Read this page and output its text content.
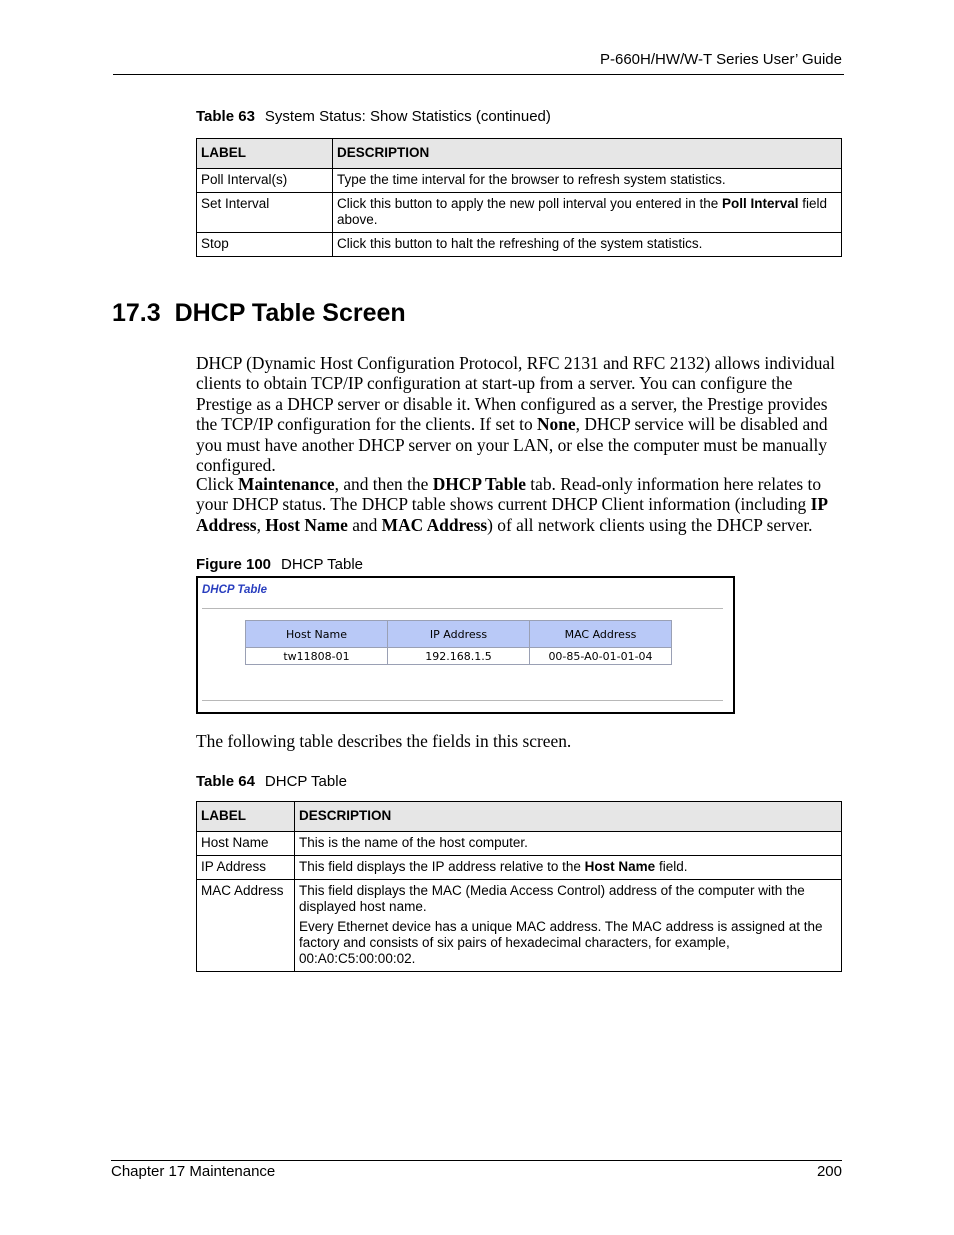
P-660H/HW/W-T Series User’ Guide
Table 63 System Status: Show Statistics (continued)
LABEL	DESCRIPTION
Poll Interval(s)	Type the time interval for the browser to refresh system statistics.
Set Interval	Click this button to apply the new poll interval you entered in the Poll Interval field above.
Stop	Click this button to halt the refreshing of the system statistics.
17.3 DHCP Table Screen
DHCP (Dynamic Host Configuration Protocol, RFC 2131 and RFC 2132) allows individual clients to obtain TCP/IP configuration at start-up from a server. You can configure the Prestige as a DHCP server or disable it. When configured as a server, the Prestige provides the TCP/IP configuration for the clients. If set to None, DHCP service will be disabled and you must have another DHCP server on your LAN, or else the computer must be manually configured.
Click Maintenance, and then the DHCP Table tab. Read-only information here relates to your DHCP status. The DHCP table shows current DHCP Client information (including IP Address, Host Name and MAC Address) of all network clients using the DHCP server.
Figure 100 DHCP Table
DHCP Table
Host Name	IP Address	MAC Address
tw11808-01	192.168.1.5	00-85-A0-01-01-04
The following table describes the fields in this screen.
Table 64 DHCP Table
LABEL	DESCRIPTION
Host Name	This is the name of the host computer.
IP Address	This field displays the IP address relative to the Host Name field.
MAC Address	This field displays the MAC (Media Access Control) address of the computer with the displayed host name.

Every Ethernet device has a unique MAC address. The MAC address is assigned at the factory and consists of six pairs of hexadecimal characters, for example, 00:A0:C5:00:00:02.

Chapter 17 Maintenance	200
